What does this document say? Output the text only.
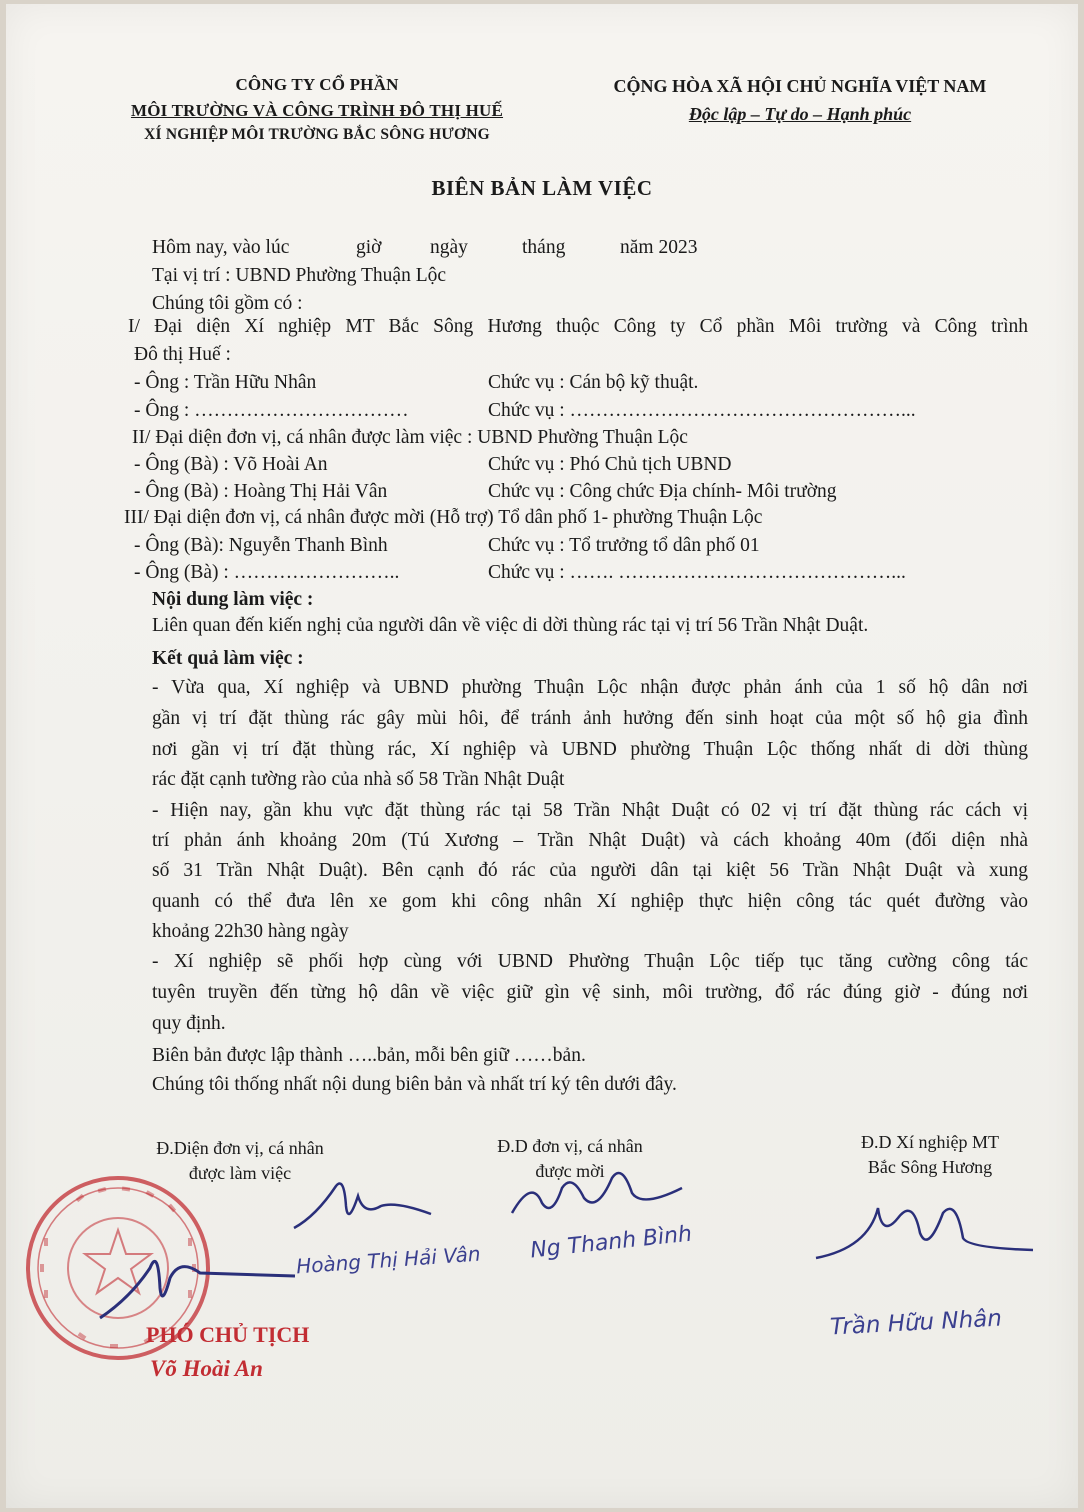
CÔNG TY CỔ PHẦN
MÔI TRƯỜNG VÀ CÔNG TRÌNH ĐÔ THỊ HUẾ
XÍ NGHIỆP MÔI TRƯỜNG BẮC SÔNG HƯƠNG
CỘNG HÒA XÃ HỘI CHỦ NGHĨA VIỆT NAM
Độc lập – Tự do – Hạnh phúc
BIÊN BẢN LÀM VIỆC
Hôm nay, vào lúc	giờ ngày	tháng	năm 2023
Tại vị trí : UBND Phường Thuận Lộc
Chúng tôi gồm có :
I/ Đại diện Xí nghiệp MT Bắc Sông Hương thuộc Công ty Cổ phần Môi trường và Công trình
Đô thị Huế :
- Ông : Trần Hữu Nhân	Chức vụ : Cán bộ kỹ thuật.
- Ông : ……………………………	Chức vụ : ……………………………………………...
II/ Đại diện đơn vị, cá nhân được làm việc : UBND Phường Thuận Lộc
- Ông (Bà) : Võ Hoài An	Chức vụ : Phó Chủ tịch UBND
- Ông (Bà) : Hoàng Thị Hải Vân	Chức vụ : Công chức Địa chính- Môi trường
III/ Đại diện đơn vị, cá nhân được mời (Hỗ trợ) Tổ dân phố 1- phường Thuận Lộc
- Ông (Bà): Nguyễn Thanh Bình	Chức vụ : Tổ trưởng tổ dân phố 01
- Ông (Bà) : ……………………..	Chức vụ : ……. ……………………………………...
Nội dung làm việc :
Liên quan đến kiến nghị của người dân về việc di dời thùng rác tại vị trí 56 Trần Nhật Duật.
Kết quả làm việc :
- Vừa qua, Xí nghiệp và UBND phường Thuận Lộc nhận được phản ánh của 1 số hộ dân nơi
gần vị trí đặt thùng rác gây mùi hôi, để tránh ảnh hưởng đến sinh hoạt của một số hộ gia đình
nơi gần vị trí đặt thùng rác, Xí nghiệp và UBND phường Thuận Lộc thống nhất di dời thùng
rác đặt cạnh tường rào của nhà số 58 Trần Nhật Duật
- Hiện nay, gần khu vực đặt thùng rác tại 58 Trần Nhật Duật có 02 vị trí đặt thùng rác cách vị
trí phản ánh khoảng 20m (Tú Xương – Trần Nhật Duật) và cách khoảng 40m (đối diện nhà
số 31 Trần Nhật Duật). Bên cạnh đó rác của người dân tại kiệt 56 Trần Nhật Duật và xung
quanh có thể đưa lên xe gom khi công nhân Xí nghiệp thực hiện công tác quét đường vào
khoảng 22h30 hàng ngày
- Xí nghiệp sẽ phối hợp cùng với UBND Phường Thuận Lộc tiếp tục tăng cường công tác
tuyên truyền đến từng hộ dân về việc giữ gìn vệ sinh, môi trường, đổ rác đúng giờ - đúng nơi
quy định.
Biên bản được lập thành …..bản, mỗi bên giữ ……bản.
Chúng tôi thống nhất nội dung biên bản và nhất trí ký tên dưới đây.
Đ.Diện đơn vị, cá nhân
được làm việc
Đ.D đơn vị, cá nhân
được mời
Đ.D Xí nghiệp MT
Bắc Sông Hương
Hoàng Thị Hải Vân Ng Thanh Bình
Trần Hữu Nhân
PHÓ CHỦ TỊCH
Võ Hoài An
